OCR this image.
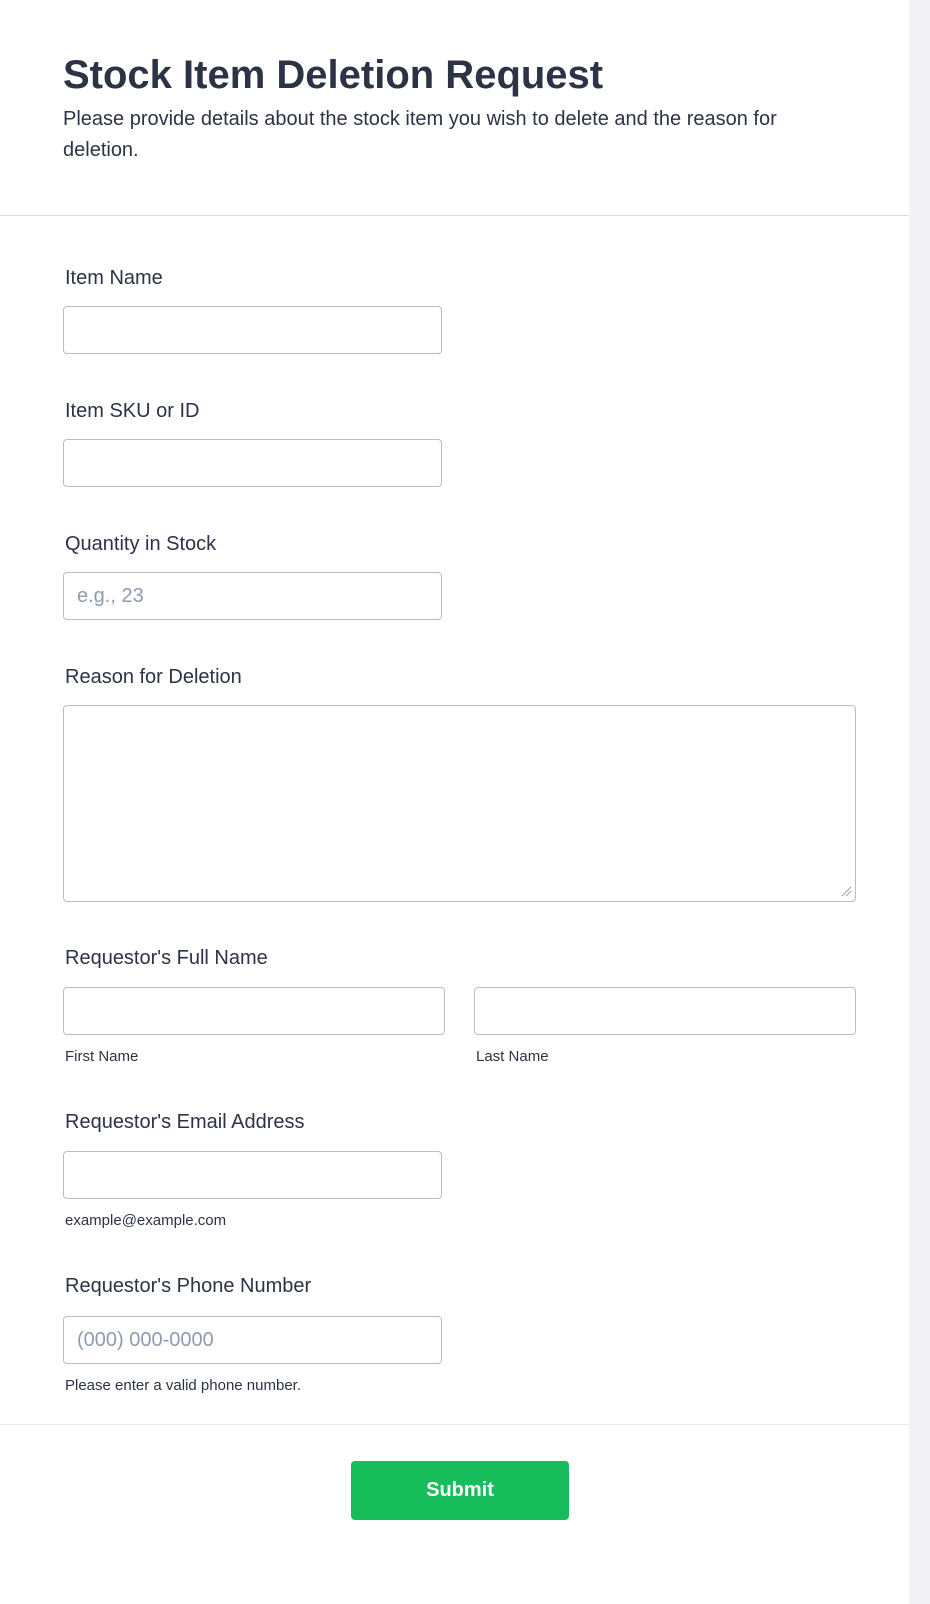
Stock Item Deletion Request

Please provide details about the stock item you wish to delete and the reason for deletion.

Item Name
Item SKU or ID
Quantity in Stock
e.g., 23
Reason for Deletion
Requestor's Full Name
First Name	Last Name
Requestor's Email Address
example@example.com
Requestor's Phone Number
(000) 000-0000
Please enter a valid phone number.
Submit
